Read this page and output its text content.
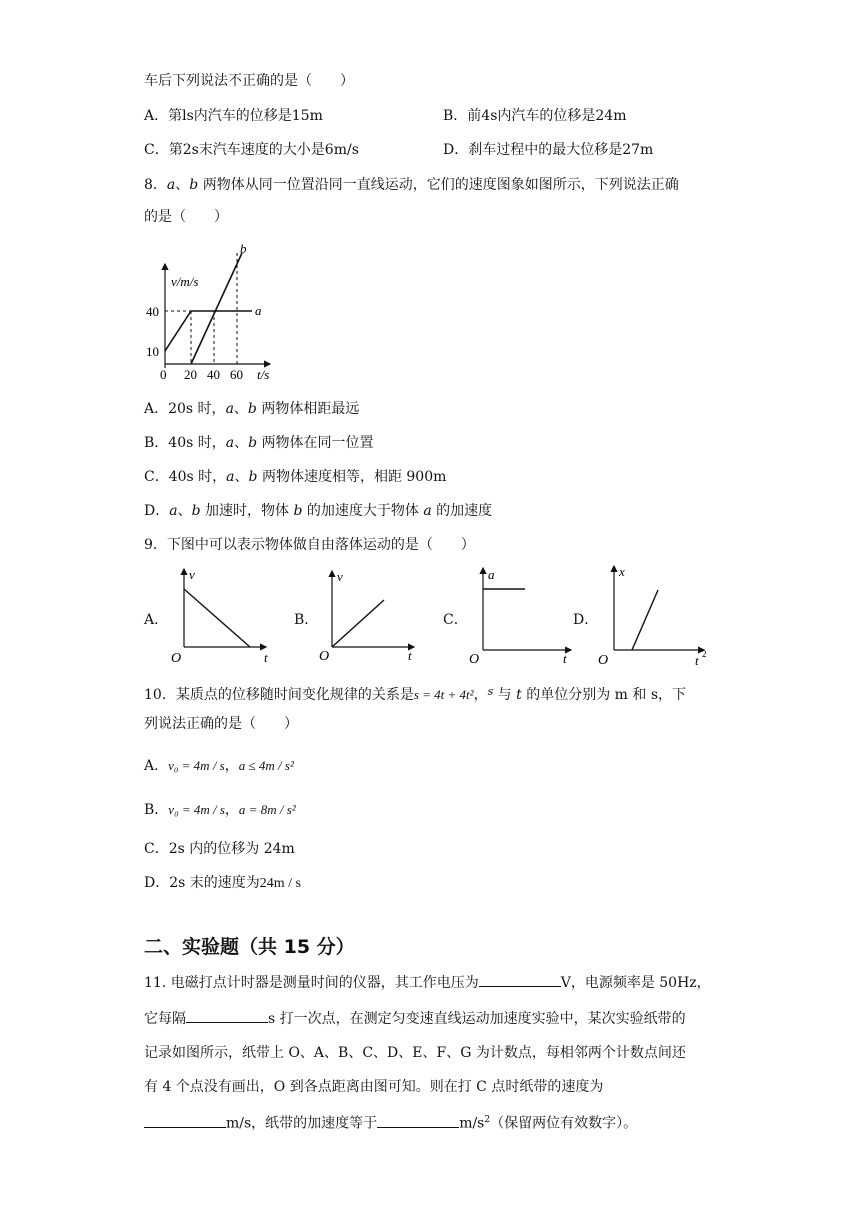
车后下列说法不正确的是（　　）
A．第ls内汽车的位移是15m	B．前4s内汽车的位移是24m
C．第2s末汽车速度的大小是6m/s	D．刹车过程中的最大位移是27m
8．a、b 两物体从同一位置沿同一直线运动，它们的速度图象如图所示，下列说法正确
的是（　　）
v/m/s
40
10
0 20 40 60 t/s
a
b
A．20s 时，a、b 两物体相距最远
B．40s 时，a、b 两物体在同一位置
C．40s 时，a、b 两物体速度相等，相距 900m
D．a、b 加速时，物体 b 的加速度大于物体 a 的加速度
9．下图中可以表示物体做自由落体运动的是（　　）
A．
v
O	t
B．
v
O	t
C．
a
O	t
D．
x
O	t 2
10．某质点的位移随时间变化规律的关系是s = 4t + 4t²，$^s$ 与 t 的单位分别为 m 和 s，下
列说法正确的是（　　）
A．v₀ = 4m / s，a ≤ 4m / s²
B．v₀ = 4m / s，a = 8m / s²
C．2s 内的位移为 24m
D．2s 末的速度为24m / s
二、实验题（共 15 分）
11. 电磁打点计时器是测量时间的仪器，其工作电压为	V，电源频率是 50Hz，
它每隔	s 打一次点，在测定匀变速直线运动加速度实验中，某次实验纸带的
记录如图所示，纸带上 O、A、B、C、D、E、F、G 为计数点，每相邻两个计数点间还
有 4 个点没有画出，O 到各点距离由图可知。则在打 C 点时纸带的速度为
m/s，纸带的加速度等于	$m/s^2$（保留两位有效数字）。
